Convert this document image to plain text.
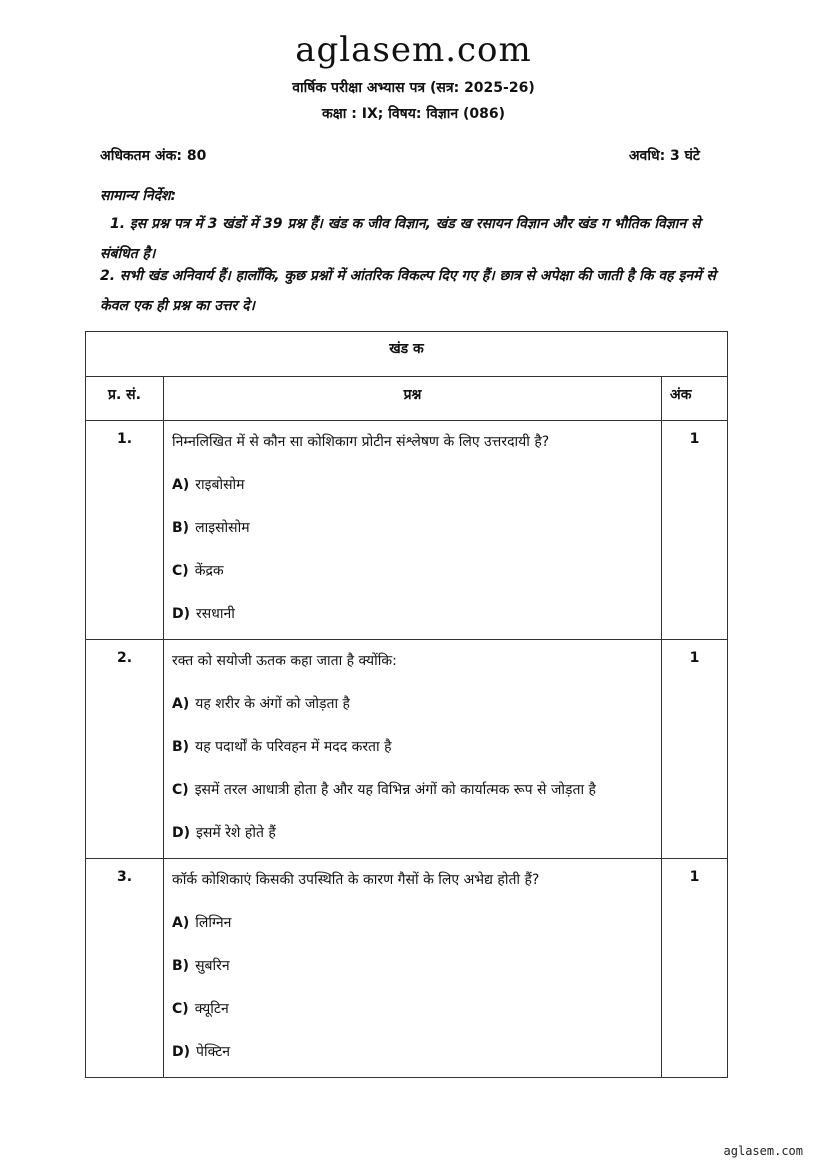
aglasem.com
वार्षिक परीक्षा अभ्यास पत्र (सत्र: 2025-26)
कक्षा : IX; विषय: विज्ञान (086)
अधिकतम अंक: 80	अवधि: 3 घंटे
सामान्य निर्देश:
1. इस प्रश्न पत्र में 3 खंडों में 39 प्रश्न हैं। खंड क जीव विज्ञान, खंड ख रसायन विज्ञान और खंड ग भौतिक विज्ञान से संबंधित है।
2. सभी खंड अनिवार्य हैं। हालाँकि, कुछ प्रश्नों में आंतरिक विकल्प दिए गए हैं। छात्र से अपेक्षा की जाती है कि वह इनमें से केवल एक ही प्रश्न का उत्तर दे।
खंड क		
प्र. सं.	प्रश्न	अंक
1.	निम्नलिखित में से कौन सा कोशिकाग प्रोटीन संश्लेषण के लिए उत्तरदायी है?
A) राइबोसोम
B) लाइसोसोम
C) केंद्रक
D) रसधानी	1
2.	रक्त को सयोजी ऊतक कहा जाता है क्योंकि:
A) यह शरीर के अंगों को जोड़ता है
B) यह पदार्थों के परिवहन में मदद करता है
C) इसमें तरल आधात्री होता है और यह विभिन्न अंगों को कार्यात्मक रूप से जोड़ता है
D) इसमें रेशे होते हैं	1
3.	कॉर्क कोशिकाएं किसकी उपस्थिति के कारण गैसों के लिए अभेद्य होती हैं?
A) लिग्निन
B) सुबरिन
C) क्यूटिन
D) पेक्टिन	1
aglasem.com
